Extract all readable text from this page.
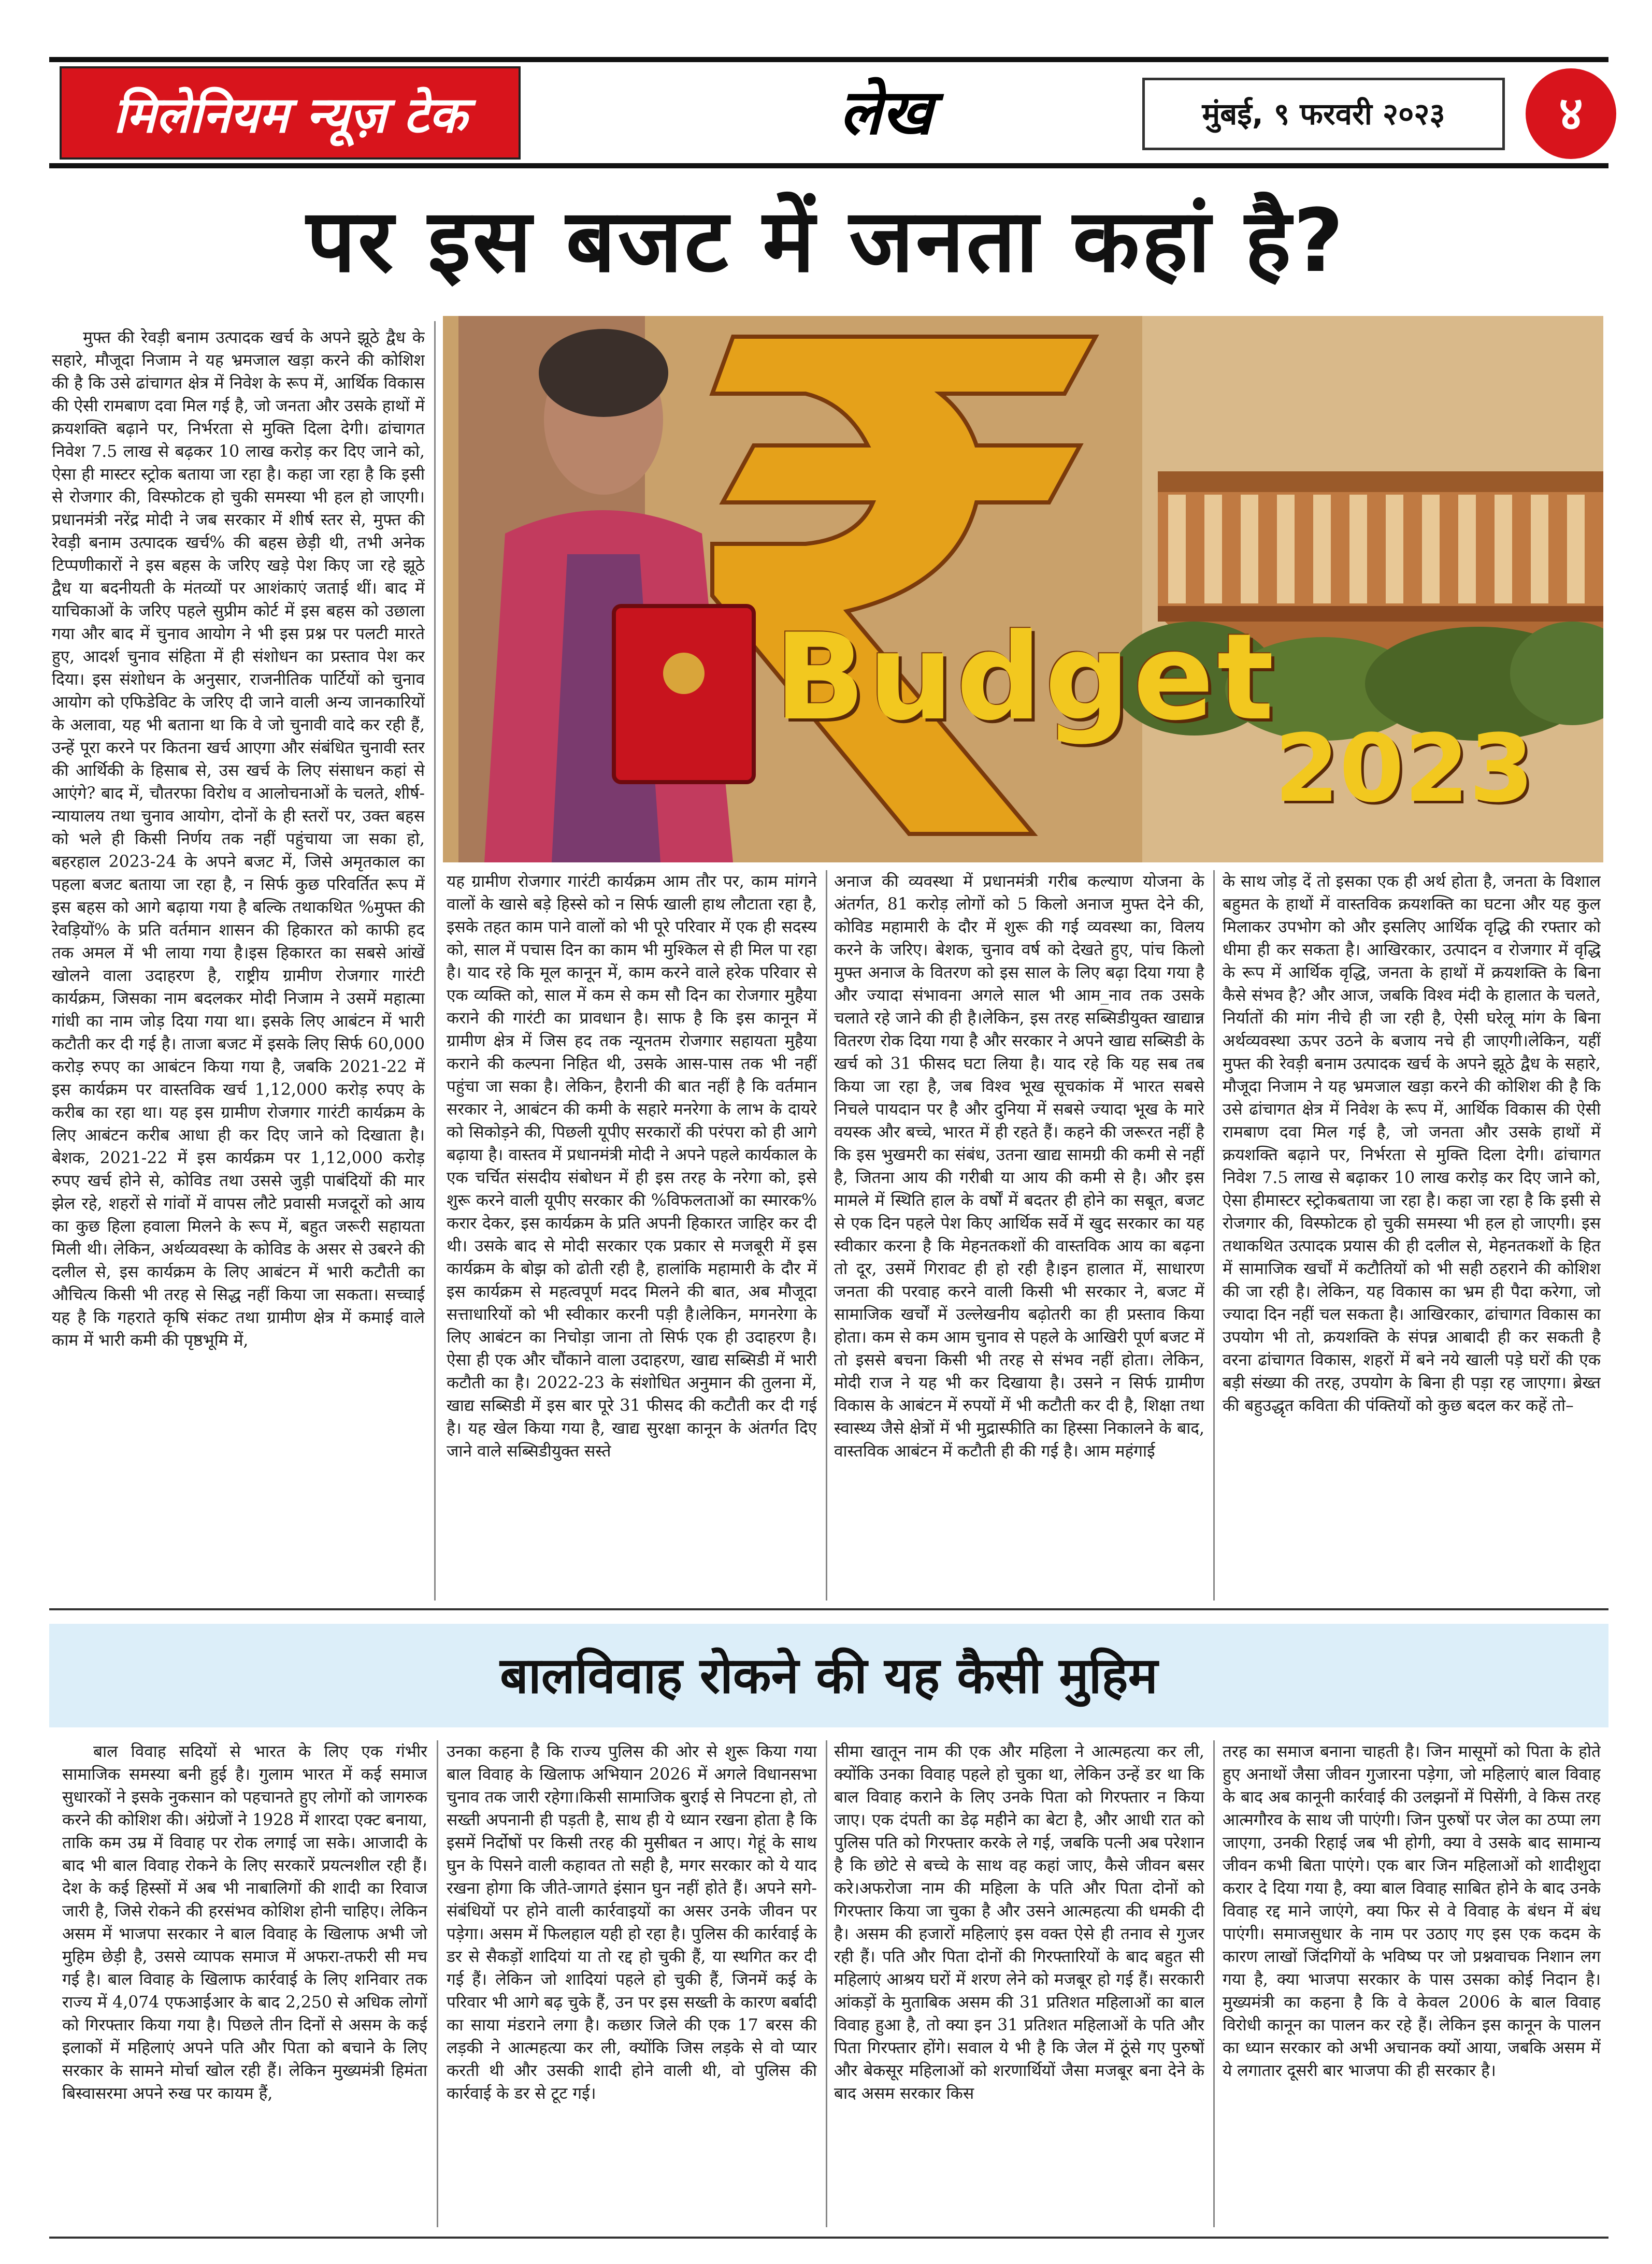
मिलेनियम न्यूज़ टेक	लेख	मुंबई, ९ फरवरी २०२३	४
पर इस बजट में जनता कहां है?

मुफ्त की रेवड़ी बनाम उत्पादक खर्च के अपने झूठे द्वैध के सहारे, मौजूदा निजाम ने यह भ्रमजाल खड़ा करने की कोशिश की है कि उसे ढांचागत क्षेत्र में निवेश के रूप में, आर्थिक विकास की ऐसी रामबाण दवा मिल गई है, जो जनता और उसके हाथों में क्रयशक्ति बढ़ाने पर, निर्भरता से मुक्ति दिला देगी। ढांचागत निवेश 7.5 लाख से बढ़कर 10 लाख करोड़ कर दिए जाने को, ऐसा ही मास्टर स्ट्रोक बताया जा रहा है। कहा जा रहा है कि इसी से रोजगार की, विस्फोटक हो चुकी समस्या भी हल हो जाएगी।प्रधानमंत्री नरेंद्र मोदी ने जब सरकार में शीर्ष स्तर से, मुफ्त की रेवड़ी बनाम उत्पादक खर्च% की बहस छेड़ी थी, तभी अनेक टिप्पणीकारों ने इस बहस के जरिए खड़े पेश किए जा रहे झूठे द्वैध या बदनीयती के मंतव्यों पर आशंकाएं जताई थीं। बाद में याचिकाओं के जरिए पहले सुप्रीम कोर्ट में इस बहस को उछाला गया और बाद में चुनाव आयोग ने भी इस प्रश्न पर पलटी मारते हुए, आदर्श चुनाव संहिता में ही संशोधन का प्रस्ताव पेश कर दिया। इस संशोधन के अनुसार, राजनीतिक पार्टियों को चुनाव आयोग को एफिडेविट के जरिए दी जाने वाली अन्य जानकारियों के अलावा, यह भी बताना था कि वे जो चुनावी वादे कर रही हैं, उन्हें पूरा करने पर कितना खर्च आएगा और संबंधित चुनावी स्तर की आर्थिकी के हिसाब से, उस खर्च के लिए संसाधन कहां से आएंगे? बाद में, चौतरफा विरोध व आलोचनाओं के चलते, शीर्ष- न्यायालय तथा चुनाव आयोग, दोनों के ही स्तरों पर, उक्त बहस को भले ही किसी निर्णय तक नहीं पहुंचाया जा सका हो, बहरहाल 2023-24 के अपने बजट में, जिसे अमृतकाल का पहला बजट बताया जा रहा है, न सिर्फ कुछ परिवर्तित रूप में इस बहस को आगे बढ़ाया गया है बल्कि तथाकथित %मुफ्त की रेवड़ियों% के प्रति वर्तमान शासन की हिकारत को काफी हद तक अमल में भी लाया गया है।इस हिकारत का सबसे आंखें खोलने वाला उदाहरण है, राष्ट्रीय ग्रामीण रोजगार गारंटी कार्यक्रम, जिसका नाम बदलकर मोदी निजाम ने उसमें महात्मा गांधी का नाम जोड़ दिया गया था। इसके लिए आबंटन में भारी कटौती कर दी गई है। ताजा बजट में इसके लिए सिर्फ 60,000 करोड़ रुपए का आबंटन किया गया है, जबकि 2021-22 में इस कार्यक्रम पर वास्तविक खर्च 1,12,000 करोड़ रुपए के करीब का रहा था। यह इस ग्रामीण रोजगार गारंटी कार्यक्रम के लिए आबंटन करीब आधा ही कर दिए जाने को दिखाता है। बेशक, 2021-22 में इस कार्यक्रम पर 1,12,000 करोड़ रुपए खर्च होने से, कोविड तथा उससे जुड़ी पाबंदियों की मार झेल रहे, शहरों से गांवों में वापस लौटे प्रवासी मजदूरों को आय का कुछ हिला हवाला मिलने के रूप में, बहुत जरूरी सहायता मिली थी। लेकिन, अर्थव्यवस्था के कोविड के असर से उबरने की दलील से, इस कार्यक्रम के लिए आबंटन में भारी कटौती का औचित्य किसी भी तरह से सिद्ध नहीं किया जा सकता। सच्चाई यह है कि गहराते कृषि संकट तथा ग्रामीण क्षेत्र में कमाई वाले काम में भारी कमी की पृष्ठभूमि में,

Budget
2023

यह ग्रामीण रोजगार गारंटी कार्यक्रम आम तौर पर, काम मांगने वालों के खासे बड़े हिस्से को न सिर्फ खाली हाथ लौटाता रहा है, इसके तहत काम पाने वालों को भी पूरे परिवार में एक ही सदस्य को, साल में पचास दिन का काम भी मुश्किल से ही मिल पा रहा है। याद रहे कि मूल कानून में, काम करने वाले हरेक परिवार से एक व्यक्ति को, साल में कम से कम सौ दिन का रोजगार मुहैया कराने की गारंटी का प्रावधान है। साफ है कि इस कानून में ग्रामीण क्षेत्र में जिस हद तक न्यूनतम रोजगार सहायता मुहैया कराने की कल्पना निहित थी, उसके आस-पास तक भी नहीं पहुंचा जा सका है। लेकिन, हैरानी की बात नहीं है कि वर्तमान सरकार ने, आबंटन की कमी के सहारे मनरेगा के लाभ के दायरे को सिकोड़ने की, पिछली यूपीए सरकारों की परंपरा को ही आगे बढ़ाया है। वास्तव में प्रधानमंत्री मोदी ने अपने पहले कार्यकाल के एक चर्चित संसदीय संबोधन में ही इस तरह के नरेगा को, इसे शुरू करने वाली यूपीए सरकार की %विफलताओं का स्मारक% करार देकर, इस कार्यक्रम के प्रति अपनी हिकारत जाहिर कर दी थी। उसके बाद से मोदी सरकार एक प्रकार से मजबूरी में इस कार्यक्रम के बोझ को ढोती रही है, हालांकि महामारी के दौर में इस कार्यक्रम से महत्वपूर्ण मदद मिलने की बात, अब मौजूदा सत्ताधारियों को भी स्वीकार करनी पड़ी है।लेकिन, मगनरेगा के लिए आबंटन का निचोड़ा जाना तो सिर्फ एक ही उदाहरण है। ऐसा ही एक और चौंकाने वाला उदाहरण, खाद्य सब्सिडी में भारी कटौती का है। 2022-23 के संशोधित अनुमान की तुलना में, खाद्य सब्सिडी में इस बार पूरे 31 फीसद की कटौती कर दी गई है। यह खेल किया गया है, खाद्य सुरक्षा कानून के अंतर्गत दिए जाने वाले सब्सिडीयुक्त सस्ते

अनाज की व्यवस्था में प्रधानमंत्री गरीब कल्याण योजना के अंतर्गत, 81 करोड़ लोगों को 5 किलो अनाज मुफ्त देने की, कोविड महामारी के दौर में शुरू की गई व्यवस्था का, विलय करने के जरिए। बेशक, चुनाव वर्ष को देखते हुए, पांच किलो मुफ्त अनाज के वितरण को इस साल के लिए बढ़ा दिया गया है और ज्यादा संभावना अगले साल भी आम_नाव तक उसके चलाते रहे जाने की ही है।लेकिन, इस तरह सब्सिडीयुक्त खाद्यान्न वितरण रोक दिया गया है और सरकार ने अपने खाद्य सब्सिडी के खर्च को 31 फीसद घटा लिया है। याद रहे कि यह सब तब किया जा रहा है, जब विश्व भूख सूचकांक में भारत सबसे निचले पायदान पर है और दुनिया में सबसे ज्यादा भूख के मारे वयस्क और बच्चे, भारत में ही रहते हैं। कहने की जरूरत नहीं है कि इस भुखमरी का संबंध, उतना खाद्य सामग्री की कमी से नहीं है, जितना आय की गरीबी या आय की कमी से है। और इस मामले में स्थिति हाल के वर्षों में बदतर ही होने का सबूत, बजट से एक दिन पहले पेश किए आर्थिक सर्वे में खुद सरकार का यह स्वीकार करना है कि मेहनतकशों की वास्तविक आय का बढ़ना तो दूर, उसमें गिरावट ही हो रही है।इन हालात में, साधारण जनता की परवाह करने वाली किसी भी सरकार ने, बजट में सामाजिक खर्चों में उल्लेखनीय बढ़ोतरी का ही प्रस्ताव किया होता। कम से कम आम चुनाव से पहले के आखिरी पूर्ण बजट में तो इससे बचना किसी भी तरह से संभव नहीं होता। लेकिन, मोदी राज ने यह भी कर दिखाया है। उसने न सिर्फ ग्रामीण विकास के आबंटन में रुपयों में भी कटौती कर दी है, शिक्षा तथा स्वास्थ्य जैसे क्षेत्रों में भी मुद्रास्फीति का हिस्सा निकालने के बाद, वास्तविक आबंटन में कटौती ही की गई है। आम महंगाई

के साथ जोड़ दें तो इसका एक ही अर्थ होता है, जनता के विशाल बहुमत के हाथों में वास्तविक क्रयशक्ति का घटना और यह कुल मिलाकर उपभोग को और इसलिए आर्थिक वृद्धि की रफ्तार को धीमा ही कर सकता है। आखिरकार, उत्पादन व रोजगार में वृद्धि के रूप में आर्थिक वृद्धि, जनता के हाथों में क्रयशक्ति के बिना कैसे संभव है? और आज, जबकि विश्व मंदी के हालात के चलते, निर्यातों की मांग नीचे ही जा रही है, ऐसी घरेलू मांग के बिना अर्थव्यवस्था ऊपर उठने के बजाय नचे ही जाएगी।लेकिन, यहीं मुफ्त की रेवड़ी बनाम उत्पादक खर्च के अपने झूठे द्वैध के सहारे, मौजूदा निजाम ने यह भ्रमजाल खड़ा करने की कोशिश की है कि उसे ढांचागत क्षेत्र में निवेश के रूप में, आर्थिक विकास की ऐसी रामबाण दवा मिल गई है, जो जनता और उसके हाथों में क्रयशक्ति बढ़ाने पर, निर्भरता से मुक्ति दिला देगी। ढांचागत निवेश 7.5 लाख से बढ़ाकर 10 लाख करोड़ कर दिए जाने को, ऐसा हीमास्टर स्ट्रोकबताया जा रहा है। कहा जा रहा है कि इसी से रोजगार की, विस्फोटक हो चुकी समस्या भी हल हो जाएगी। इस तथाकथित उत्पादक प्रयास की ही दलील से, मेहनतकशों के हित में सामाजिक खर्चों में कटौतियों को भी सही ठहराने की कोशिश की जा रही है। लेकिन, यह विकास का भ्रम ही पैदा करेगा, जो ज्यादा दिन नहीं चल सकता है। आखिरकार, ढांचागत विकास का उपयोग भी तो, क्रयशक्ति के संपन्न आबादी ही कर सकती है वरना ढांचागत विकास, शहरों में बने नये खाली पड़े घरों की एक बड़ी संख्या की तरह, उपयोग के बिना ही पड़ा रह जाएगा। ब्रेख्त की बहुउद्धृत कविता की पंक्तियों को कुछ बदल कर कहें तो–

बालविवाह रोकने की यह कैसी मुहिम

बाल विवाह सदियों से भारत के लिए एक गंभीर सामाजिक समस्या बनी हुई है। गुलाम भारत में कई समाज सुधारकों ने इसके नुकसान को पहचानते हुए लोगों को जागरुक करने की कोशिश की। अंग्रेजों ने 1928 में शारदा एक्ट बनाया, ताकि कम उम्र में विवाह पर रोक लगाई जा सके। आजादी के बाद भी बाल विवाह रोकने के लिए सरकारें प्रयत्नशील रही हैं। देश के कई हिस्सों में अब भी नाबालिगों की शादी का रिवाज जारी है, जिसे रोकने की हरसंभव कोशिश होनी चाहिए। लेकिन असम में भाजपा सरकार ने बाल विवाह के खिलाफ अभी जो मुहिम छेड़ी है, उससे व्यापक समाज में अफरा-तफरी सी मच गई है। बाल विवाह के खिलाफ कार्रवाई के लिए शनिवार तक राज्य में 4,074 एफआईआर के बाद 2,250 से अधिक लोगों को गिरफ्तार किया गया है। पिछले तीन दिनों से असम के कई इलाकों में महिलाएं अपने पति और पिता को बचाने के लिए सरकार के सामने मोर्चा खोल रही हैं। लेकिन मुख्यमंत्री हिमंता बिस्वासरमा अपने रुख पर कायम हैं,

उनका कहना है कि राज्य पुलिस की ओर से शुरू किया गया बाल विवाह के खिलाफ अभियान 2026 में अगले विधानसभा चुनाव तक जारी रहेगा।किसी सामाजिक बुराई से निपटना हो, तो सख्ती अपनानी ही पड़ती है, साथ ही ये ध्यान रखना होता है कि इसमें निर्दोषों पर किसी तरह की मुसीबत न आए। गेहूं के साथ घुन के पिसने वाली कहावत तो सही है, मगर सरकार को ये याद रखना होगा कि जीते-जागते इंसान घुन नहीं होते हैं। अपने सगे-संबंधियों पर होने वाली कार्रवाइयों का असर उनके जीवन पर पड़ेगा। असम में फिलहाल यही हो रहा है। पुलिस की कार्रवाई के डर से सैकड़ों शादियां या तो रद्द हो चुकी हैं, या स्थगित कर दी गई हैं। लेकिन जो शादियां पहले हो चुकी हैं, जिनमें कई के परिवार भी आगे बढ़ चुके हैं, उन पर इस सख्ती के कारण बर्बादी का साया मंडराने लगा है। कछार जिले की एक 17 बरस की लड़की ने आत्महत्या कर ली, क्योंकि जिस लड़के से वो प्यार करती थी और उसकी शादी होने वाली थी, वो पुलिस की कार्रवाई के डर से टूट गई।

सीमा खातून नाम की एक और महिला ने आत्महत्या कर ली, क्योंकि उनका विवाह पहले हो चुका था, लेकिन उन्हें डर था कि बाल विवाह कराने के लिए उनके पिता को गिरफ्तार न किया जाए। एक दंपती का डेढ़ महीने का बेटा है, और आधी रात को पुलिस पति को गिरफ्तार करके ले गई, जबकि पत्नी अब परेशान है कि छोटे से बच्चे के साथ वह कहां जाए, कैसे जीवन बसर करे।अफरोजा नाम की महिला के पति और पिता दोनों को गिरफ्तार किया जा चुका है और उसने आत्महत्या की धमकी दी है। असम की हजारों महिलाएं इस वक्त ऐसे ही तनाव से गुजर रही हैं। पति और पिता दोनों की गिरफ्तारियों के बाद बहुत सी महिलाएं आश्रय घरों में शरण लेने को मजबूर हो गई हैं। सरकारी आंकड़ों के मुताबिक असम की 31 प्रतिशत महिलाओं का बाल विवाह हुआ है, तो क्या इन 31 प्रतिशत महिलाओं के पति और पिता गिरफ्तार होंगे। सवाल ये भी है कि जेल में ठूंसे गए पुरुषों और बेकसूर महिलाओं को शरणार्थियों जैसा मजबूर बना देने के बाद असम सरकार किस

तरह का समाज बनाना चाहती है। जिन मासूमों को पिता के होते हुए अनाथों जैसा जीवन गुजारना पड़ेगा, जो महिलाएं बाल विवाह के बाद अब कानूनी कार्रवाई की उलझनों में पिसेंगी, वे किस तरह आत्मगौरव के साथ जी पाएंगी। जिन पुरुषों पर जेल का ठप्पा लग जाएगा, उनकी रिहाई जब भी होगी, क्या वे उसके बाद सामान्य जीवन कभी बिता पाएंगे। एक बार जिन महिलाओं को शादीशुदा करार दे दिया गया है, क्या बाल विवाह साबित होने के बाद उनके विवाह रद्द माने जाएंगे, क्या फिर से वे विवाह के बंधन में बंध पाएंगी। समाजसुधार के नाम पर उठाए गए इस एक कदम के कारण लाखों जिंदगियों के भविष्य पर जो प्रश्नवाचक निशान लग गया है, क्या भाजपा सरकार के पास उसका कोई निदान है।मुख्यमंत्री का कहना है कि वे केवल 2006 के बाल विवाह विरोधी कानून का पालन कर रहे हैं। लेकिन इस कानून के पालन का ध्यान सरकार को अभी अचानक क्यों आया, जबकि असम में ये लगातार दूसरी बार भाजपा की ही सरकार है।
